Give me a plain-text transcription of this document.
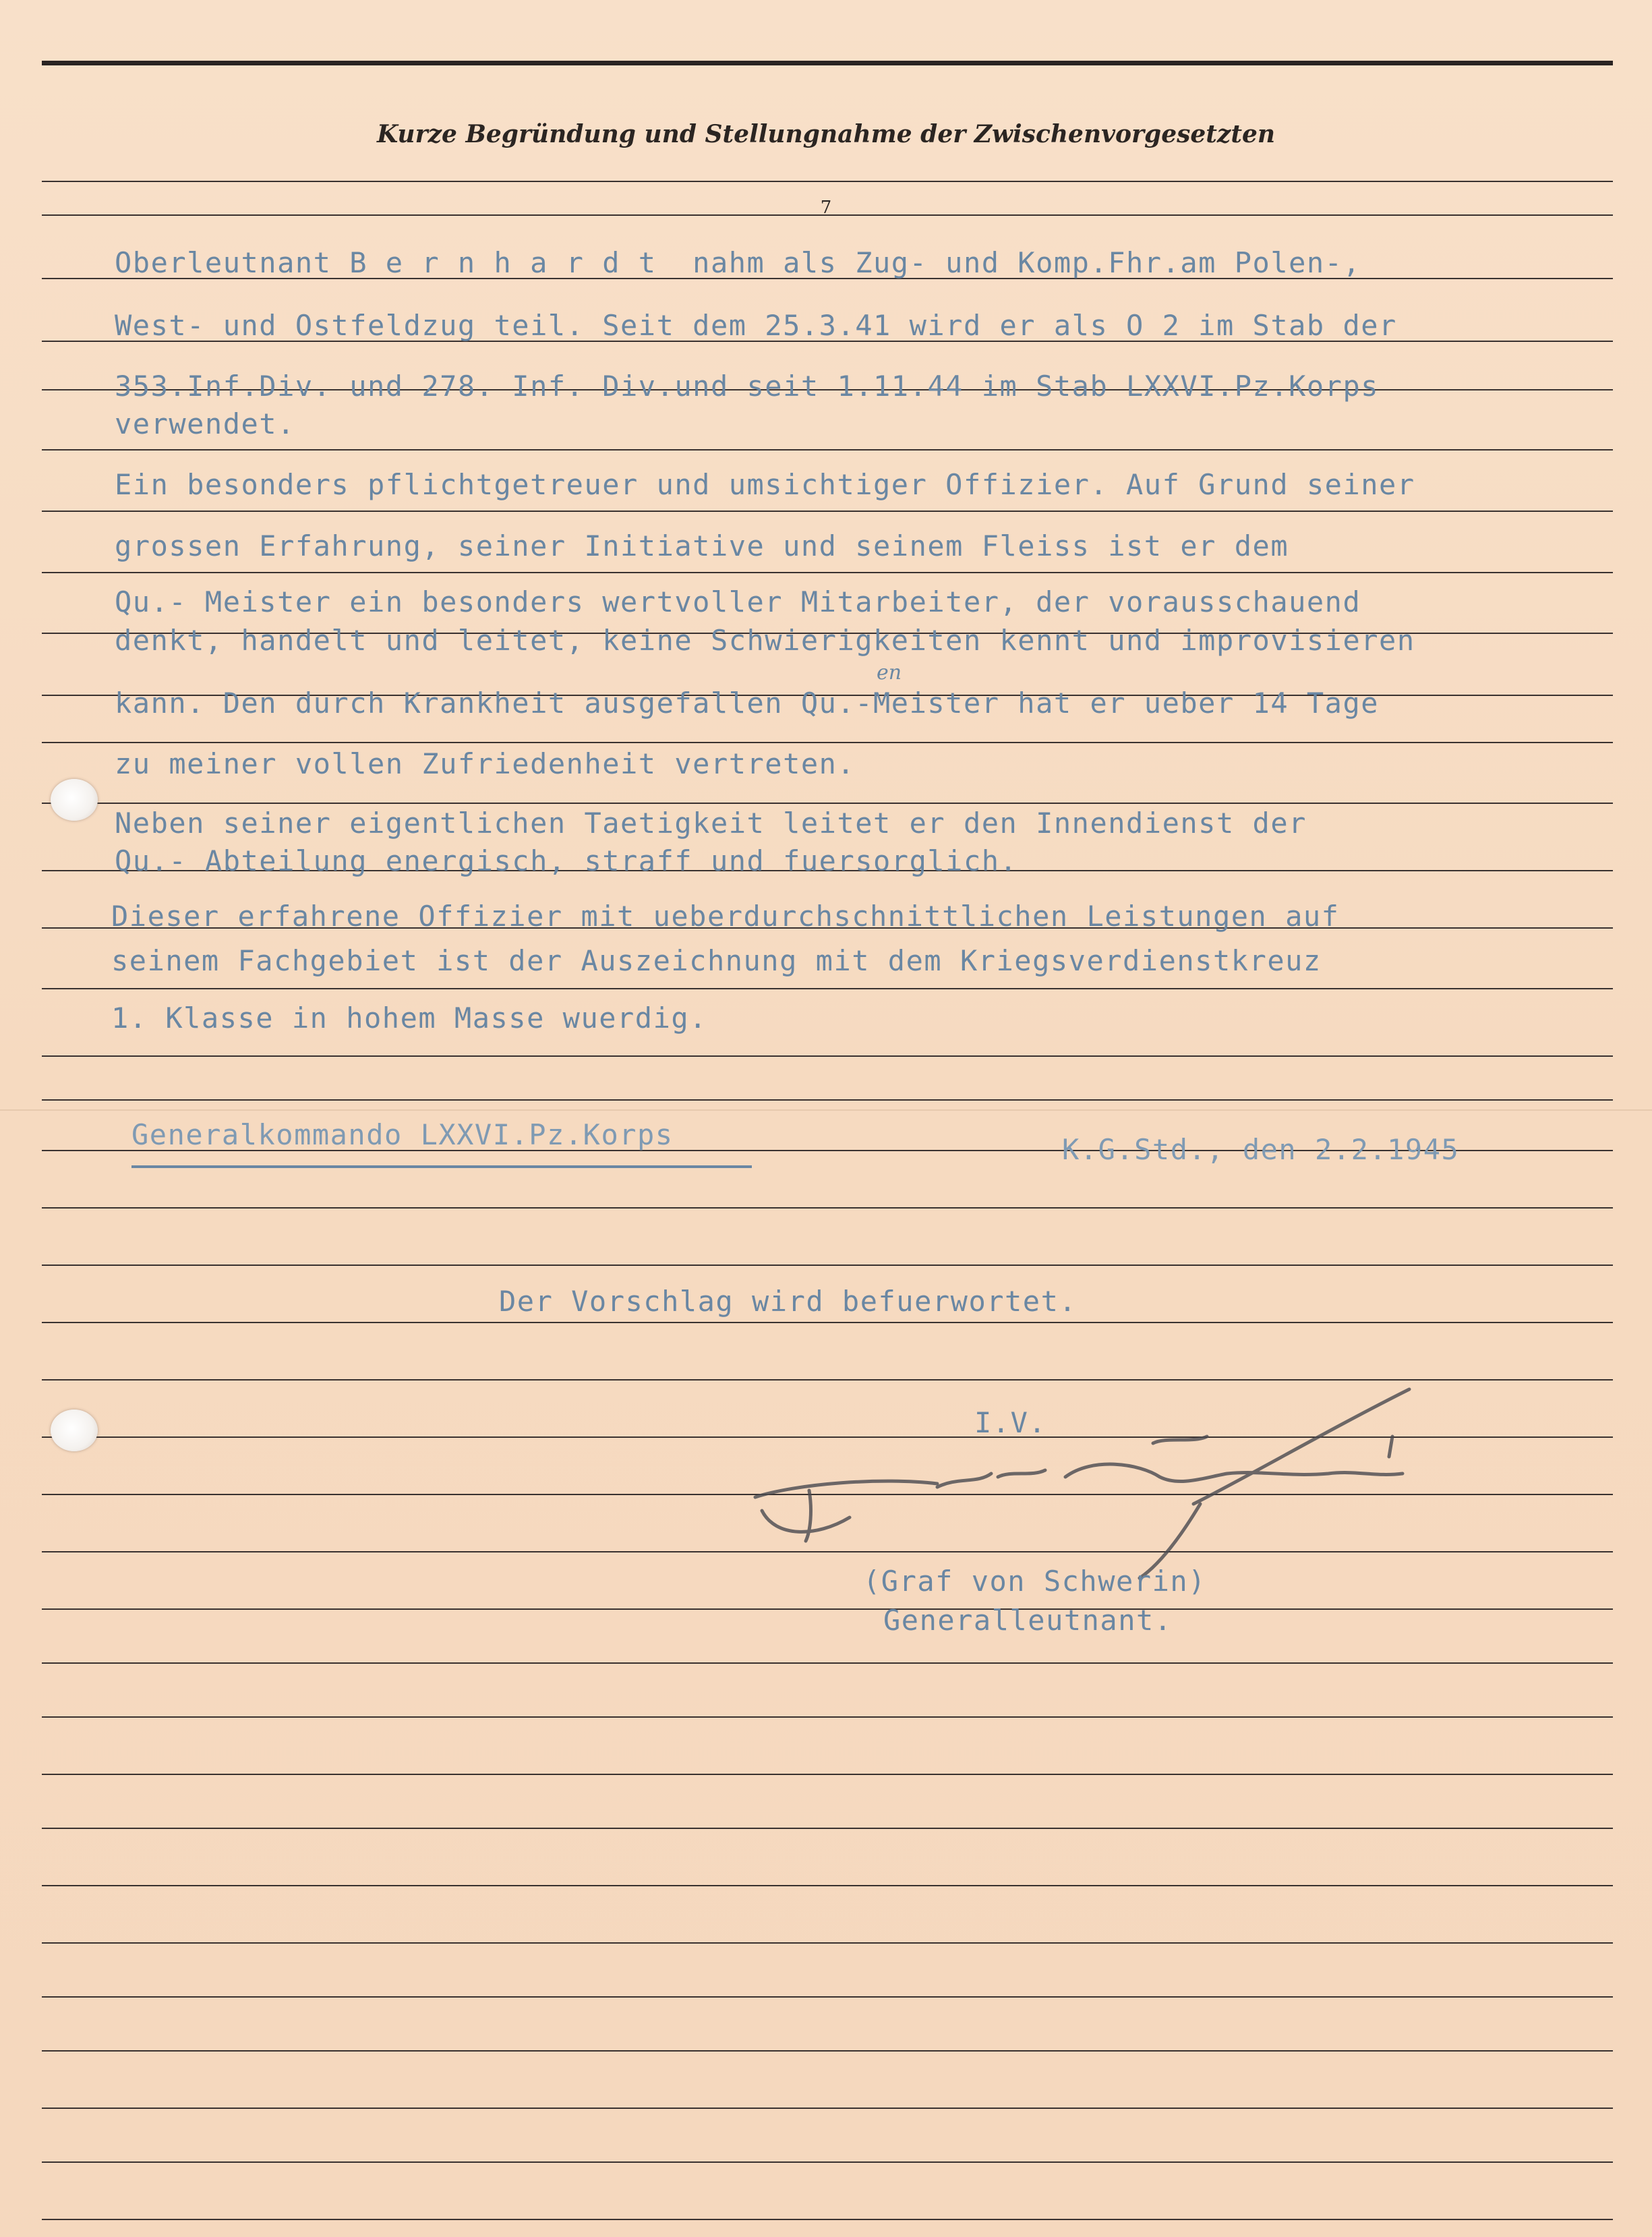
Kurze Begründung und Stellungnahme der Zwischenvorgesetzten
7
Oberleutnant B e r n h a r d t  nahm als Zug- und Komp.Fhr.am Polen-,
West- und Ostfeldzug teil. Seit dem 25.3.41 wird er als O 2 im Stab der
353.Inf.Div. und 278. Inf. Div.und seit 1.11.44 im Stab LXXVI.Pz.Korps
verwendet.
Ein besonders pflichtgetreuer und umsichtiger Offizier. Auf Grund seiner
grossen Erfahrung, seiner Initiative und seinem Fleiss ist er dem
Qu.- Meister ein besonders wertvoller Mitarbeiter, der vorausschauend
denkt, handelt und leitet, keine Schwierigkeiten kennt und improvisieren
kann. Den durch Krankheit ausgefallen Qu.-Meister hat er ueber 14 Tage
zu meiner vollen Zufriedenheit vertreten.
en
Neben seiner eigentlichen Taetigkeit leitet er den Innendienst der
Qu.- Abteilung energisch, straff und fuersorglich.
Dieser erfahrene Offizier mit ueberdurchschnittlichen Leistungen auf
seinem Fachgebiet ist der Auszeichnung mit dem Kriegsverdienstkreuz
1. Klasse in hohem Masse wuerdig.
Generalkommando LXXVI.Pz.Korps	K.G.Std., den 2.2.1945
Der Vorschlag wird befuerwortet.
I.V.
(Graf von Schwerin)
Generalleutnant.
